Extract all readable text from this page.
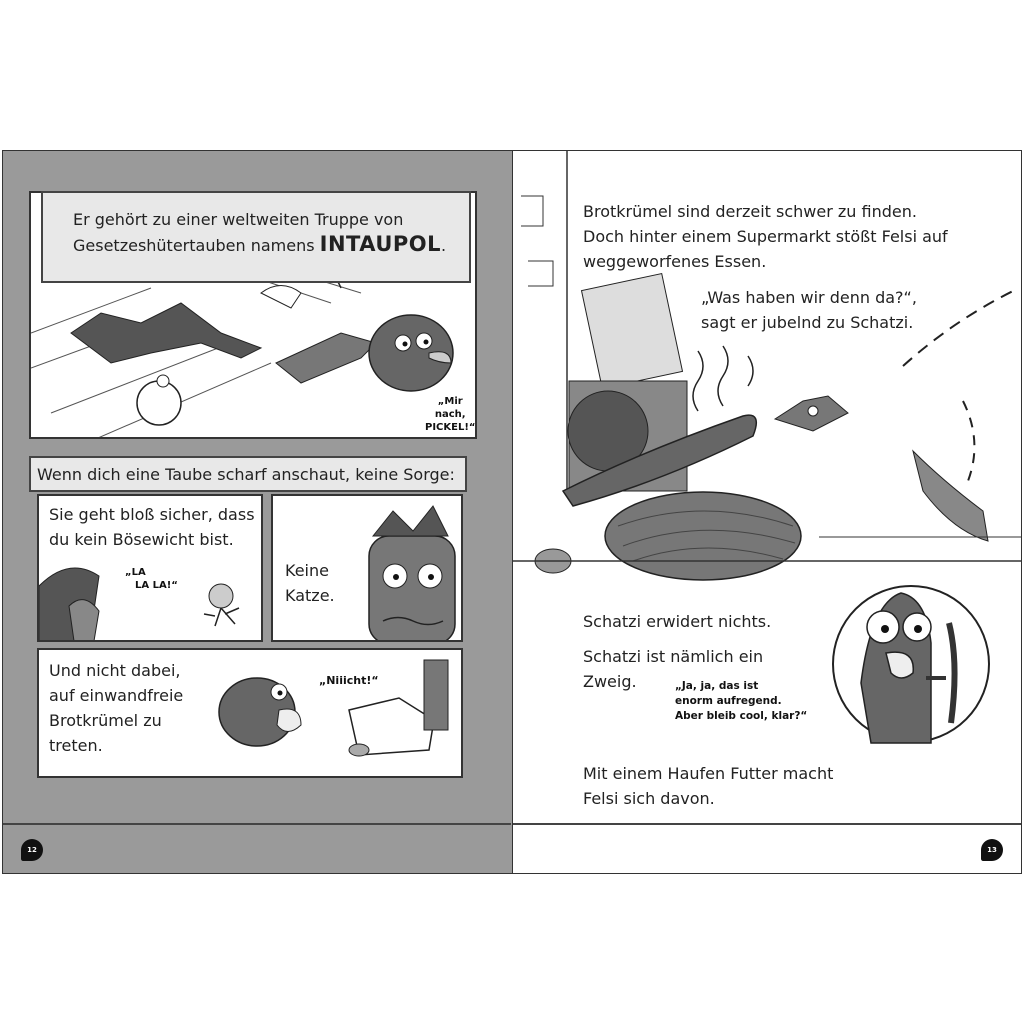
„Mir nach,
PICKEL!“
Er gehört zu einer weltweiten Truppe von
Gesetzeshütertauben namens INTAUPOL.
Wenn dich eine Taube scharf anschaut, keine Sorge:
Sie geht bloß sicher, dass
du kein Bösewicht bist.
„LA
LA LA!“
Keine
Katze.
Und nicht dabei,
auf einwandfreie
Brotkrümel zu
treten.
„Niiicht!“
12
Brotkrümel sind derzeit schwer zu finden.
Doch hinter einem Supermarkt stößt Felsi auf
weggeworfenes Essen.
„Was haben wir denn da?“,
sagt er jubelnd zu Schatzi.
Schatzi erwidert nichts.
Schatzi ist nämlich ein
Zweig.	„Ja, ja, das ist
enorm aufregend.
Aber bleib cool, klar?“
Mit einem Haufen Futter macht
Felsi sich davon.
13
